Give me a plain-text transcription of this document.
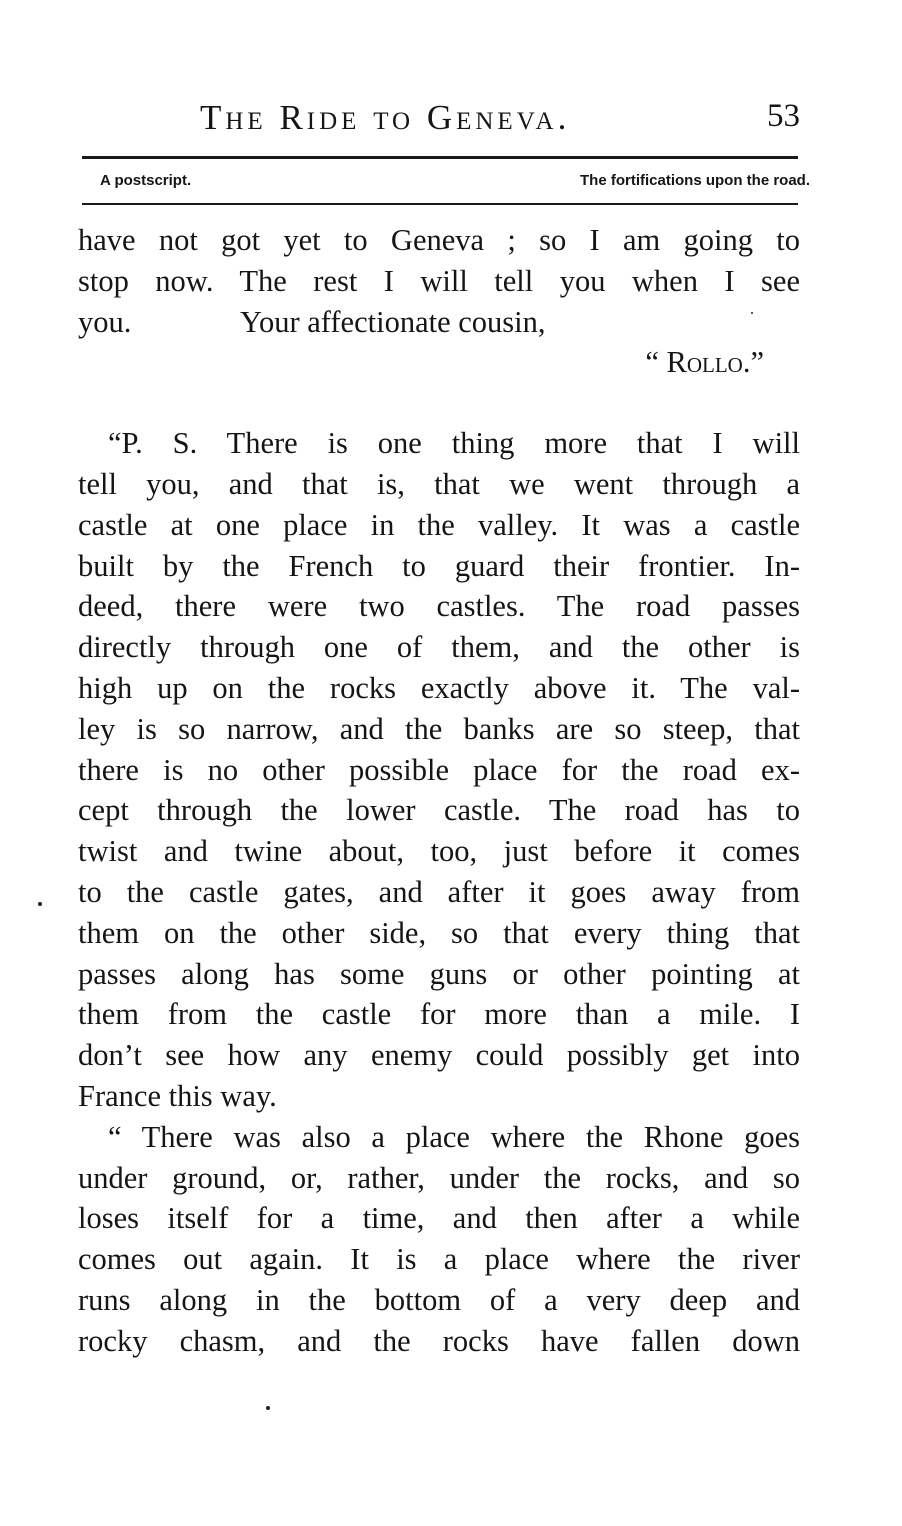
The Ride to Geneva.	53
A postscript.	The fortifications upon the road.
have not got yet to Geneva ; so I am going to
stop now. The rest I will tell you when I see
you.	Your affectionate cousin,
“ Rollo.”
“P. S. There is one thing more that I will
tell you, and that is, that we went through a
castle at one place in the valley. It was a castle
built by the French to guard their frontier. In-
deed, there were two castles. The road passes
directly through one of them, and the other is
high up on the rocks exactly above it. The val-
ley is so narrow, and the banks are so steep, that
there is no other possible place for the road ex-
cept through the lower castle. The road has to
twist and twine about, too, just before it comes
to the castle gates, and after it goes away from
them on the other side, so that every thing that
passes along has some guns or other pointing at
them from the castle for more than a mile. I
don’t see how any enemy could possibly get into
France this way.
“ There was also a place where the Rhone goes
under ground, or, rather, under the rocks, and so
loses itself for a time, and then after a while
comes out again. It is a place where the river
runs along in the bottom of a very deep and
rocky chasm, and the rocks have fallen down
